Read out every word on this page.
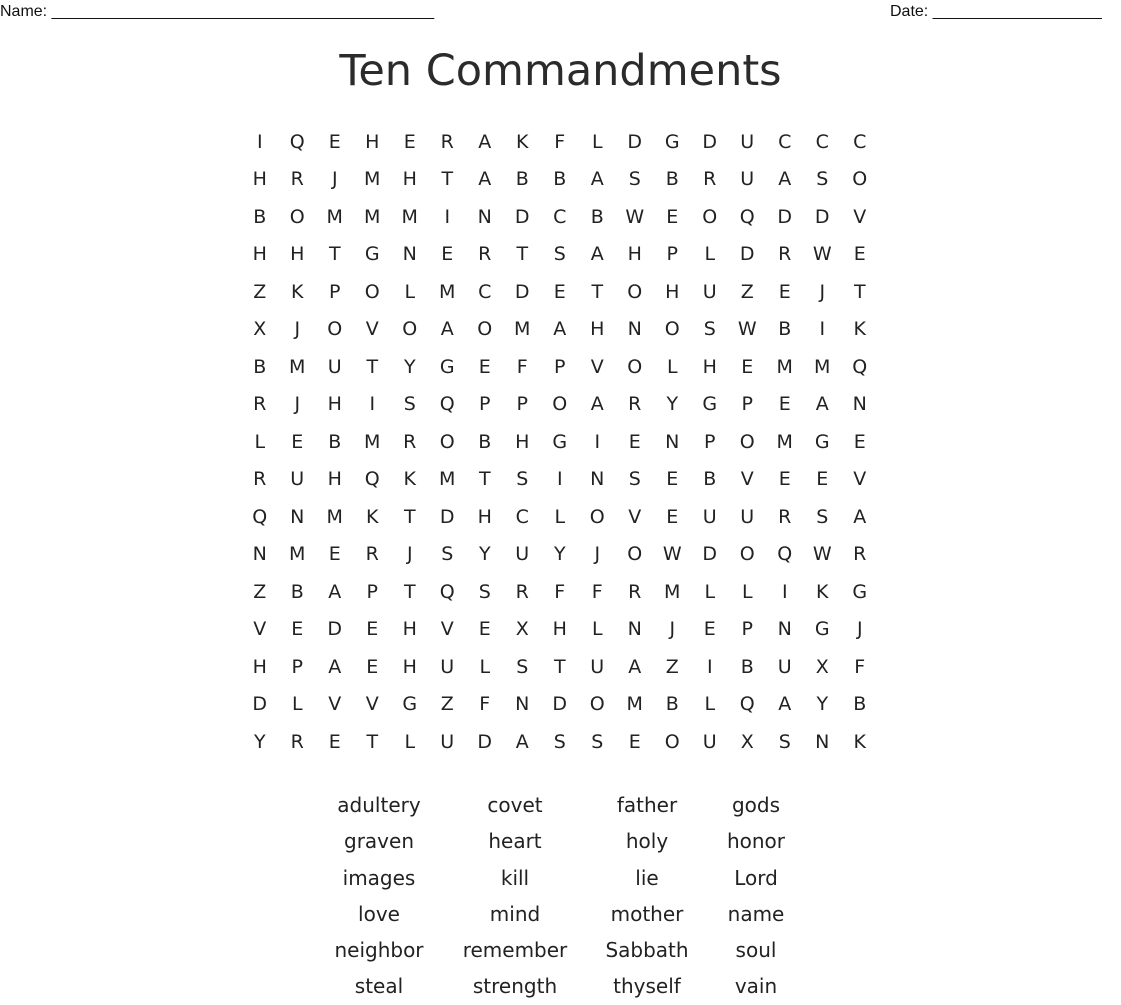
Name: ___________________________________________	Date: ___________________
Ten Commandments
I	Q	E	H	E	R	A	K	F	L	D	G	D	U	C	C	C
H	R	J	M	H	T	A	B	B	A	S	B	R	U	A	S	O
B	O	M	M	M	I	N	D	C	B	W	E	O	Q	D	D	V
H	H	T	G	N	E	R	T	S	A	H	P	L	D	R	W	E
Z	K	P	O	L	M	C	D	E	T	O	H	U	Z	E	J	T
X	J	O	V	O	A	O	M	A	H	N	O	S	W	B	I	K
B	M	U	T	Y	G	E	F	P	V	O	L	H	E	M	M	Q
R	J	H	I	S	Q	P	P	O	A	R	Y	G	P	E	A	N
L	E	B	M	R	O	B	H	G	I	E	N	P	O	M	G	E
R	U	H	Q	K	M	T	S	I	N	S	E	B	V	E	E	V
Q	N	M	K	T	D	H	C	L	O	V	E	U	U	R	S	A
N	M	E	R	J	S	Y	U	Y	J	O	W	D	O	Q	W	R
Z	B	A	P	T	Q	S	R	F	F	R	M	L	L	I	K	G
V	E	D	E	H	V	E	X	H	L	N	J	E	P	N	G	J
H	P	A	E	H	U	L	S	T	U	A	Z	I	B	U	X	F
D	L	V	V	G	Z	F	N	D	O	M	B	L	Q	A	Y	B
Y	R	E	T	L	U	D	A	S	S	E	O	U	X	S	N	K
adultery	covet	father	gods
graven	heart	holy	honor
images	kill	lie	Lord
love	mind	mother	name
neighbor	remember	Sabbath	soul
steal	strength	thyself	vain
